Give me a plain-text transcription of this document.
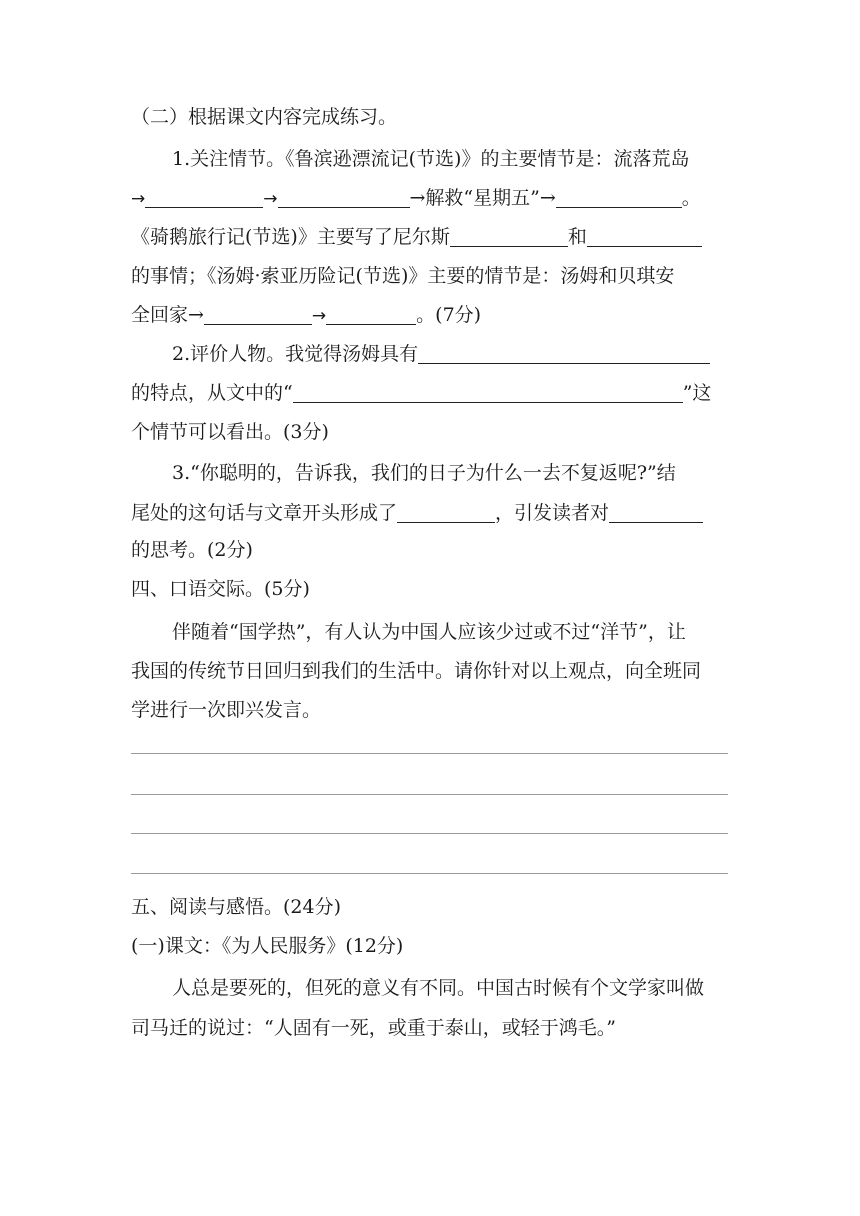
（二）根据课文内容完成练习。
1.关注情节。《鲁滨逊漂流记(节选)》的主要情节是：流落荒岛
→	→	→解救“星期五”→	。
《骑鹅旅行记(节选)》主要写了尼尔斯	和
的事情；《汤姆·索亚历险记(节选)》主要的情节是：汤姆和贝琪安
全回家→	→	。(7分)
2.评价人物。我觉得汤姆具有
的特点，从文中的“	”这
个情节可以看出。(3分)
3.“你聪明的，告诉我，我们的日子为什么一去不复返呢?”结
尾处的这句话与文章开头形成了	，引发读者对
的思考。(2分)
四、口语交际。(5分)
伴随着“国学热”，有人认为中国人应该少过或不过“洋节”，让
我国的传统节日回归到我们的生活中。请你针对以上观点，向全班同
学进行一次即兴发言。
五、阅读与感悟。(24分)
(一)课文：《为人民服务》(12分)
人总是要死的，但死的意义有不同。中国古时候有个文学家叫做
司马迁的说过：“人固有一死，或重于泰山，或轻于鸿毛。”
